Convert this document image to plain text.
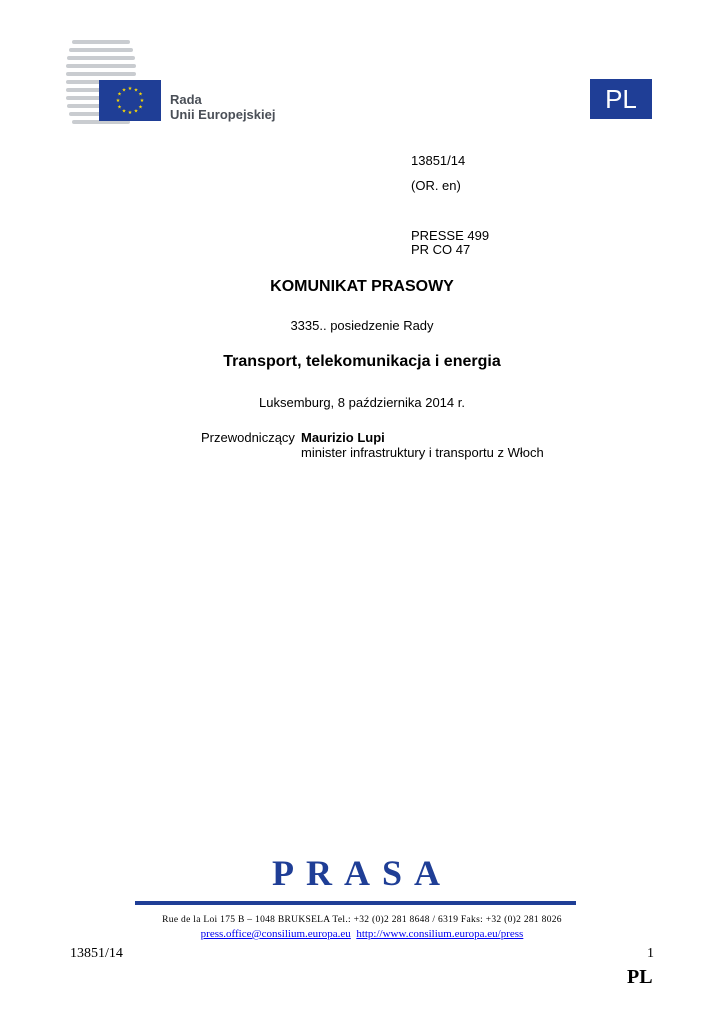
★ ★
★
★
★
★
★
★
★
★
★
★
Rada
Unii Europejskiej
PL
13851/14
(OR. en)
PRESSE 499
PR CO 47
KOMUNIKAT PRASOWY
3335.. posiedzenie Rady
Transport, telekomunikacja i energia
Luksemburg, 8 października 2014 r.
Przewodniczący Maurizio Lupi
minister infrastruktury i transportu z Włoch
PRASA
Rue de la Loi 175 B – 1048 BRUKSELA Tel.: +32 (0)2 281 8648 / 6319 Faks: +32 (0)2 281 8026
press.office@consilium.europa.eu http://www.consilium.europa.eu/press
13851/14	1
PL
